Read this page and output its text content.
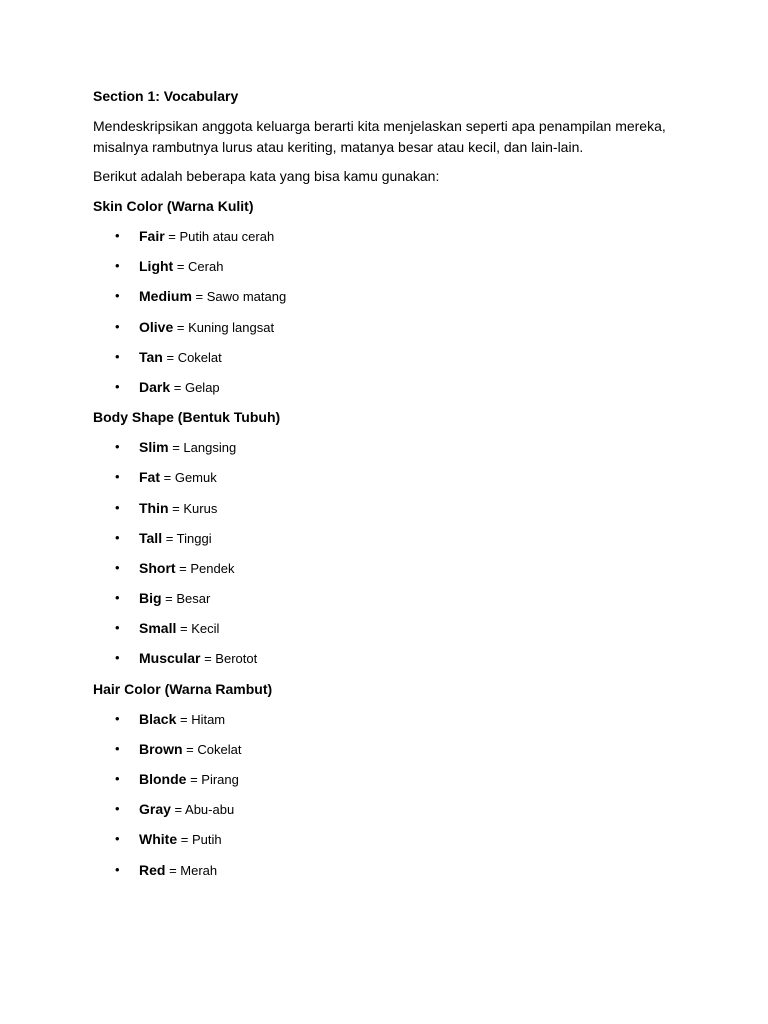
Section 1: Vocabulary

Mendeskripsikan anggota keluarga berarti kita menjelaskan seperti apa penampilan mereka, misalnya rambutnya lurus atau keriting, matanya besar atau kecil, dan lain-lain.

Berikut adalah beberapa kata yang bisa kamu gunakan:

Skin Color (Warna Kulit)
• Fair = Putih atau cerah
• Light = Cerah
• Medium = Sawo matang
• Olive = Kuning langsat
• Tan = Cokelat
• Dark = Gelap
Body Shape (Bentuk Tubuh)
• Slim = Langsing
• Fat = Gemuk
• Thin = Kurus
• Tall = Tinggi
• Short = Pendek
• Big = Besar
• Small = Kecil
• Muscular = Berotot
Hair Color (Warna Rambut)
• Black = Hitam
• Brown = Cokelat
• Blonde = Pirang
• Gray = Abu-abu
• White = Putih
• Red = Merah
